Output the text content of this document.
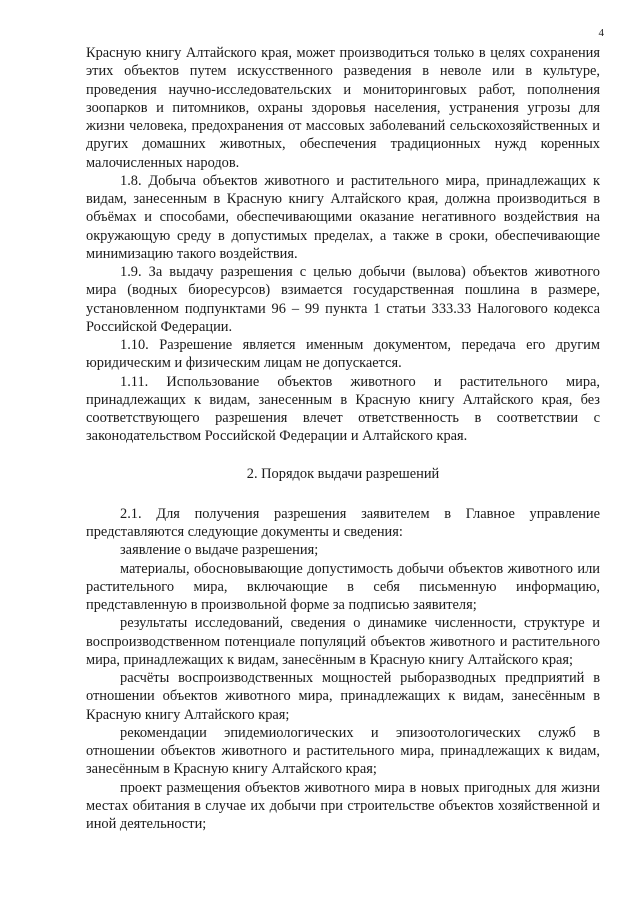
4

Красную книгу Алтайского края, может производиться только в целях сохранения этих объектов путем искусственного разведения в неволе или в культуре, проведения научно-исследовательских и мониторинговых работ, пополнения зоопарков и питомников, охраны здоровья населения, устранения угрозы для жизни человека, предохранения от массовых заболеваний сельскохозяйственных и других домашних животных, обеспечения традиционных нужд коренных малочисленных народов.

1.8. Добыча объектов животного и растительного мира, принадлежащих к видам, занесенным в Красную книгу Алтайского края, должна производиться в объёмах и способами, обеспечивающими оказание негативного воздействия на окружающую среду в допустимых пределах, а также в сроки, обеспечивающие минимизацию такого воздействия.

1.9. За выдачу разрешения с целью добычи (вылова) объектов животного мира (водных биоресурсов) взимается государственная пошлина в размере, установленном подпунктами 96 – 99 пункта 1 статьи 333.33 Налогового кодекса Российской Федерации.

1.10. Разрешение является именным документом, передача его другим юридическим и физическим лицам не допускается.

1.11. Использование объектов животного и растительного мира, принадлежащих к видам, занесенным в Красную книгу Алтайского края, без соответствующего разрешения влечет ответственность в соответствии с законодательством Российской Федерации и Алтайского края.

2. Порядок выдачи разрешений

2.1. Для получения разрешения заявителем в Главное управление представляются следующие документы и сведения:

заявление о выдаче разрешения;

материалы, обосновывающие допустимость добычи объектов животного или растительного мира, включающие в себя письменную информацию, представленную в произвольной форме за подписью заявителя;

результаты исследований, сведения о динамике численности, структуре и воспроизводственном потенциале популяций объектов животного и растительного мира, принадлежащих к видам, занесённым в Красную книгу Алтайского края;

расчёты воспроизводственных мощностей рыборазводных предприятий в отношении объектов животного мира, принадлежащих к видам, занесённым в Красную книгу Алтайского края;

рекомендации эпидемиологических и эпизоотологических служб в отношении объектов животного и растительного мира, принадлежащих к видам, занесённым в Красную книгу Алтайского края;

проект размещения объектов животного мира в новых пригодных для жизни местах обитания в случае их добычи при строительстве объектов хозяйственной и иной деятельности;
